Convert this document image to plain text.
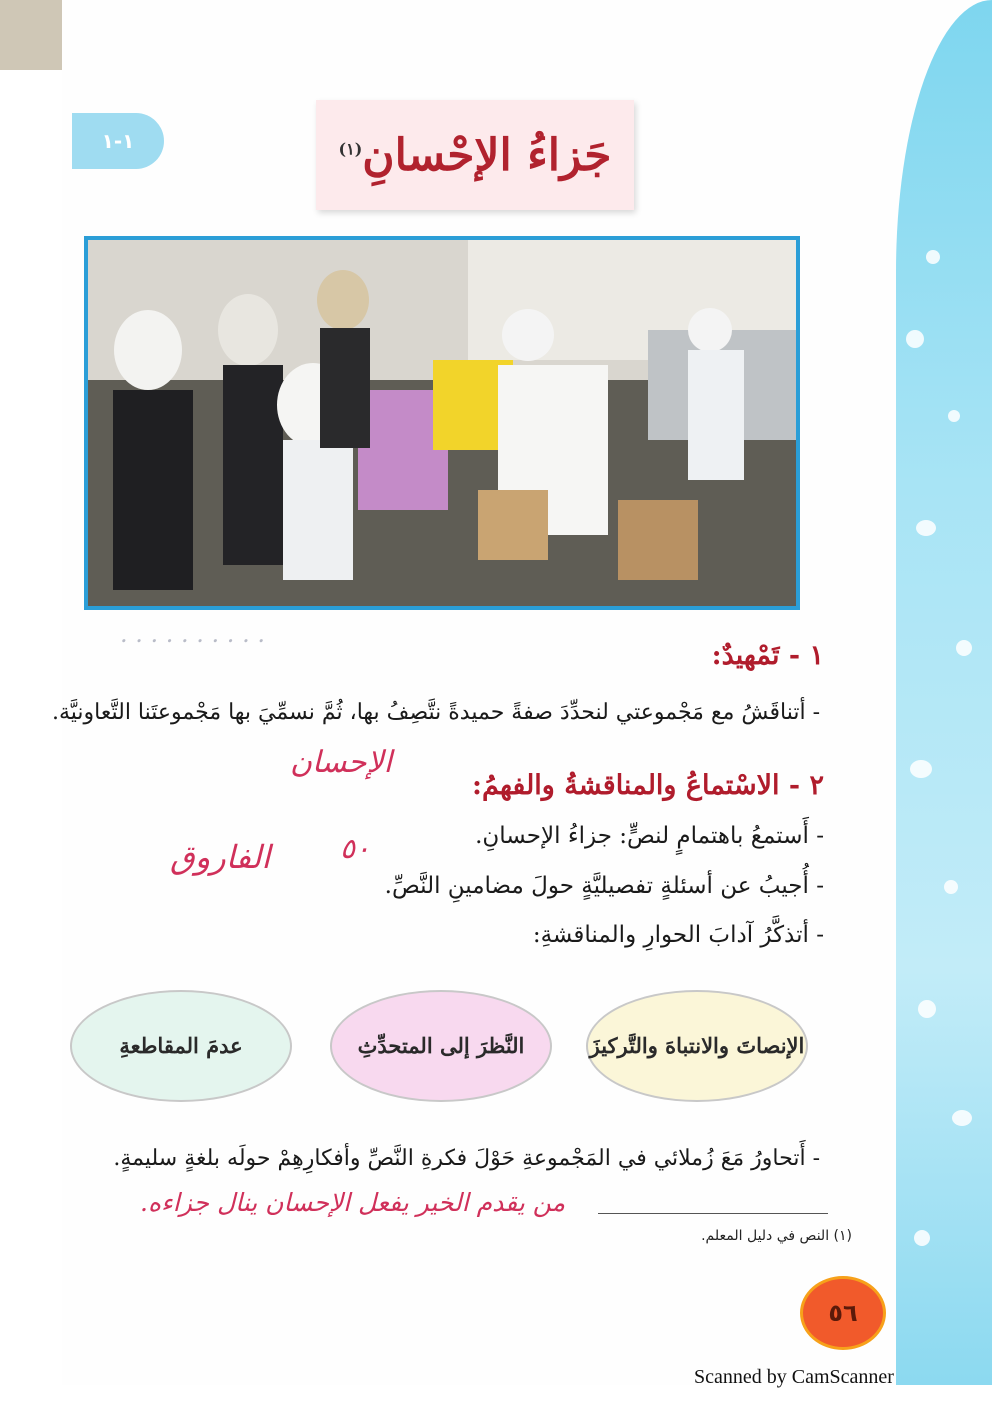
١-١	جَزاءُ الإحْسانِ$^{(١)}$
. . . . . . . . . .
١ - تَمْهيدٌ:
- أتناقَشُ مع مَجْموعتي لنحدِّدَ صفةً حميدةً نتَّصِفُ بها، ثُمَّ نسمِّيَ بها مَجْموعتَنا التَّعاونيَّة.
الإحسان
٢ - الاسْتماعُ والمناقشةُ والفهمُ:
- أَستمعُ باهتمامٍ لنصٍّ: جزاءُ الإحسانِ.
- أُجيبُ عن أسئلةٍ تفصيليَّةٍ حولَ مضامينِ النَّصِّ.
- أتذكَّرُ آدابَ الحوارِ والمناقشةِ:
الفاروق ٥٠
الإنصاتَ والانتباهَ والتَّركيزَ
النَّظرَ إلى المتحدِّثِ
عدمَ المقاطعةِ
- أَتحاورُ مَعَ زُملائي في المَجْموعةِ حَوْلَ فكرةِ النَّصِّ وأفكارِهِمْ حولَه بلغةٍ سليمةٍ.
من يقدم الخير يفعل الإحسان ينال جزاءه.
(١) النص في دليل المعلم.
٥٦
Scanned by CamScanner
